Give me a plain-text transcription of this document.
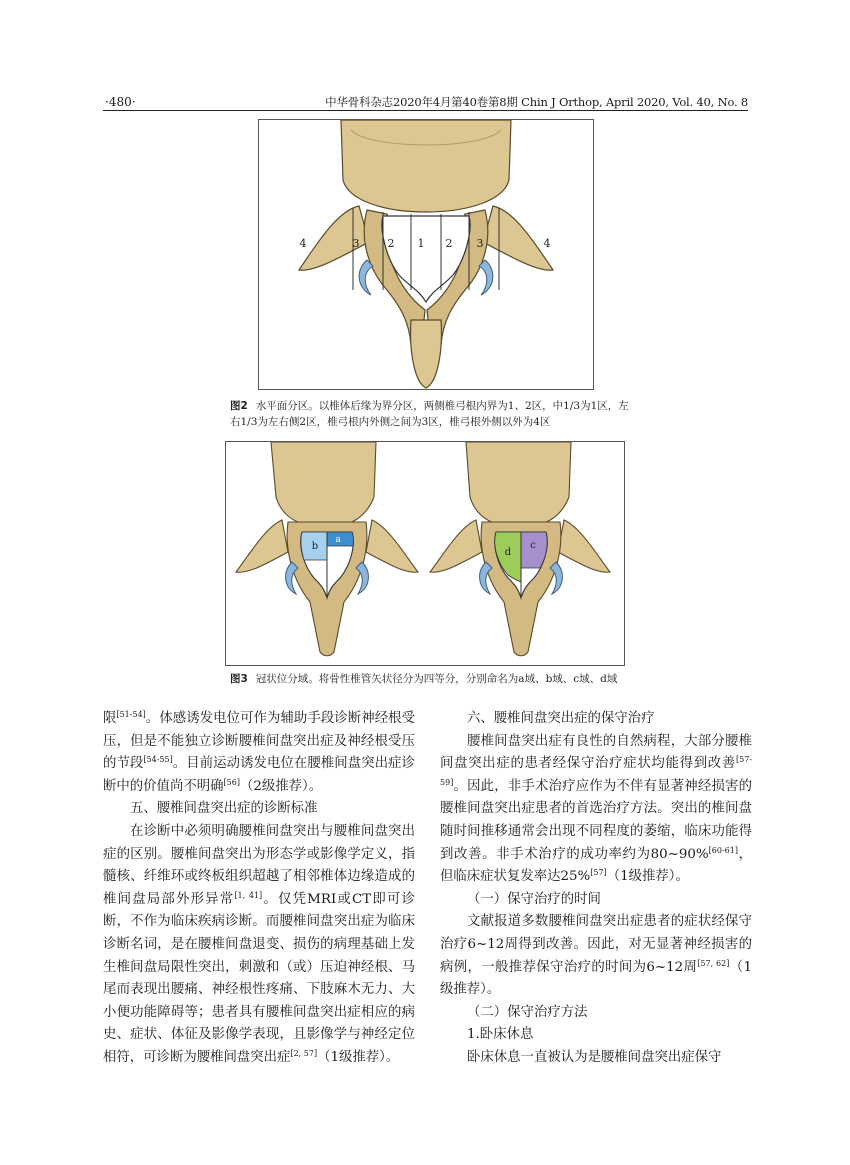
·480·	中华骨科杂志2020年4月第40卷第8期 Chin J Orthop, April 2020, Vol. 40, No. 8
4	3	2 1 2 3	4
图2 水平面分区。以椎体后缘为界分区，两侧椎弓根内界为1、2区，中1/3为1区，左右1/3为左右侧2区，椎弓根内外侧之间为3区，椎弓根外侧以外为4区
b
a
d
c
图3 冠状位分域。将骨性椎管矢状径分为四等分，分别命名为a域、b域、c域、d域

限[51-54]。体感诱发电位可作为辅助手段诊断神经根受压，但是不能独立诊断腰椎间盘突出症及神经根受压的节段[54-55]。目前运动诱发电位在腰椎间盘突出症诊断中的价值尚不明确[56]（2级推荐）。

五、腰椎间盘突出症的诊断标准

在诊断中必须明确腰椎间盘突出与腰椎间盘突出症的区别。腰椎间盘突出为形态学或影像学定义，指髓核、纤维环或终板组织超越了相邻椎体边缘造成的椎间盘局部外形异常[1, 41]。仅凭MRI或CT即可诊断，不作为临床疾病诊断。而腰椎间盘突出症为临床诊断名词，是在腰椎间盘退变、损伤的病理基础上发生椎间盘局限性突出，刺激和（或）压迫神经根、马尾而表现出腰痛、神经根性疼痛、下肢麻木无力、大小便功能障碍等；患者具有腰椎间盘突出症相应的病史、症状、体征及影像学表现，且影像学与神经定位相符，可诊断为腰椎间盘突出症[2, 57]（1级推荐）。

六、腰椎间盘突出症的保守治疗

腰椎间盘突出症有良性的自然病程，大部分腰椎间盘突出症的患者经保守治疗症状均能得到改善[57-59]。因此，非手术治疗应作为不伴有显著神经损害的腰椎间盘突出症患者的首选治疗方法。突出的椎间盘随时间推移通常会出现不同程度的萎缩，临床功能得到改善。非手术治疗的成功率约为80~90%[60-61]，但临床症状复发率达25%[57]（1级推荐）。

（一）保守治疗的时间

文献报道多数腰椎间盘突出症患者的症状经保守治疗6~12周得到改善。因此，对无显著神经损害的病例，一般推荐保守治疗的时间为6~12周[57, 62]（1级推荐）。

（二）保守治疗方法

1.卧床休息

卧床休息一直被认为是腰椎间盘突出症保守
